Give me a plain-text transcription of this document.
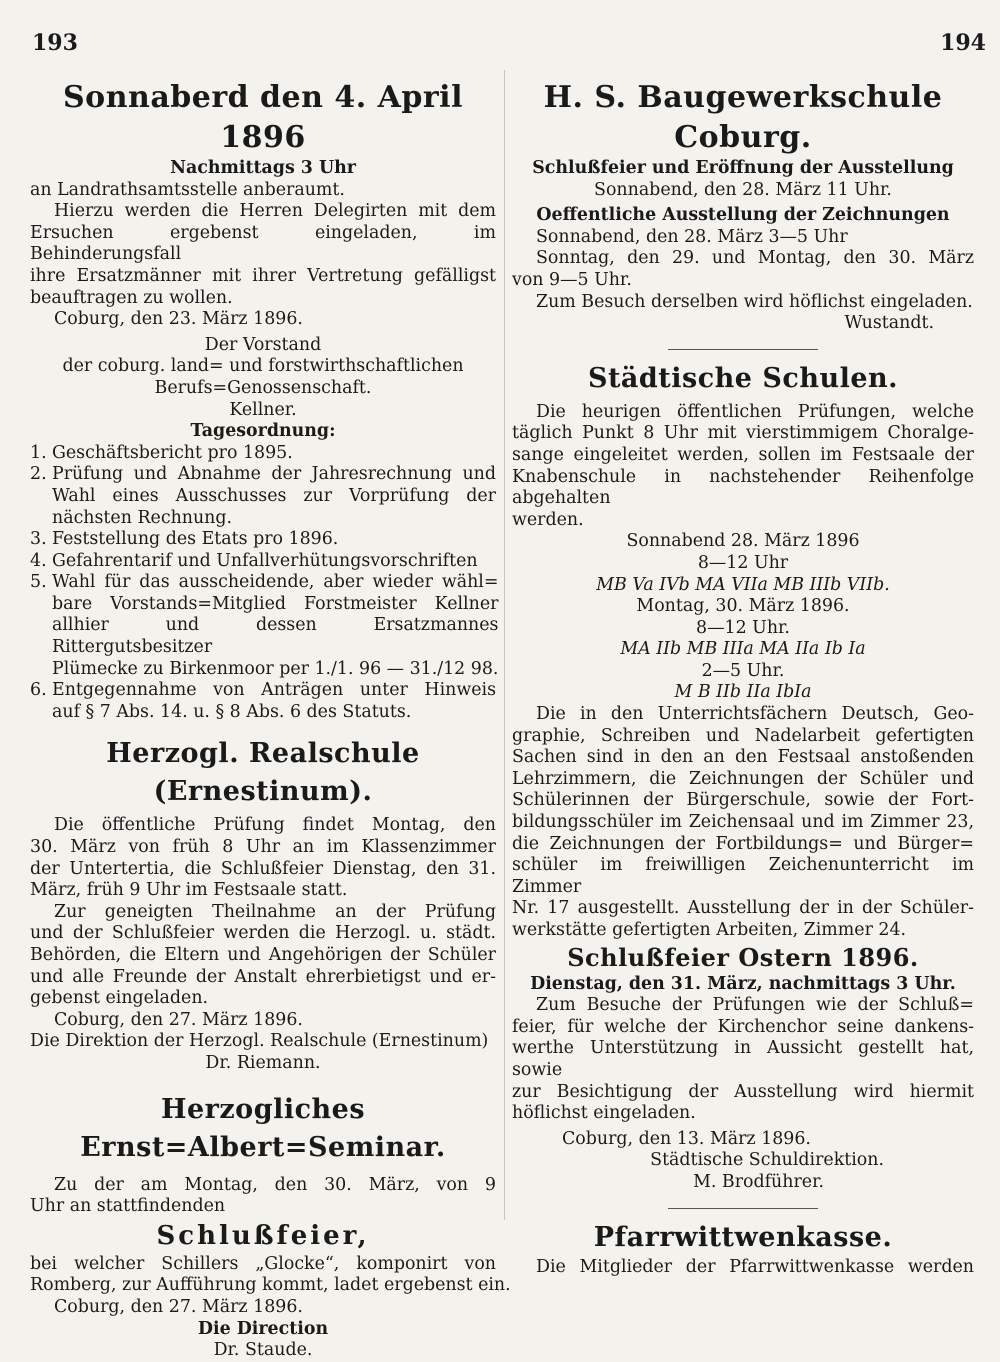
193	194
Sonnaberd den 4. April 1896
Nachmittags 3 Uhr
an Landrathsamtsstelle anberaumt.
Hierzu werden die Herren Delegirten mit dem
Ersuchen ergebenst eingeladen, im Behinderungsfall
ihre Ersatzmänner mit ihrer Vertretung gefälligst
beauftragen zu wollen.
Coburg, den 23. März 1896.
Der Vorstand
der coburg. land= und forstwirthschaftlichen
Berufs=Genossenschaft.
Kellner.
Tagesordnung:
1. Geschäftsbericht pro 1895.
2. Prüfung und Abnahme der Jahresrechnung und
Wahl eines Ausschusses zur Vorprüfung der
nächsten Rechnung.
3. Feststellung des Etats pro 1896.
4. Gefahrentarif und Unfallverhütungsvorschriften
5. Wahl für das ausscheidende, aber wieder wähl=
bare Vorstands=Mitglied Forstmeister Kellner
allhier und dessen Ersatzmannes Rittergutsbesitzer
Plümecke zu Birkenmoor per 1./1. 96 — 31./12 98.
6. Entgegennahme von Anträgen unter Hinweis
auf § 7 Abs. 14. u. § 8 Abs. 6 des Statuts.
Herzogl. Realschule (Ernestinum).
Die öffentliche Prüfung findet Montag, den
30. März von früh 8 Uhr an im Klassenzimmer
der Untertertia, die Schlußfeier Dienstag, den 31.
März, früh 9 Uhr im Festsaale statt.
Zur geneigten Theilnahme an der Prüfung
und der Schlußfeier werden die Herzogl. u. städt.
Behörden, die Eltern und Angehörigen der Schüler
und alle Freunde der Anstalt ehrerbietigst und er-
gebenst eingeladen.
Coburg, den 27. März 1896.
Die Direktion der Herzogl. Realschule (Ernestinum)
Dr. Riemann.
Herzogliches Ernst=Albert=Seminar.
Zu der am Montag, den 30. März, von 9
Uhr an stattfindenden
Schlußfeier,
bei welcher Schillers „Glocke“, komponirt von
Romberg, zur Aufführung kommt, ladet ergebenst ein.
Coburg, den 27. März 1896.
Die Direction
Dr. Staude.
H. S. Baugewerkschule Coburg.
Schlußfeier und Eröffnung der Ausstellung
Sonnabend, den 28. März 11 Uhr.
Oeffentliche Ausstellung der Zeichnungen
Sonnabend, den 28. März 3—5 Uhr
Sonntag, den 29. und Montag, den 30. März
von 9—5 Uhr.
Zum Besuch derselben wird höflichst eingeladen.
Wustandt.
Städtische Schulen.
Die heurigen öffentlichen Prüfungen, welche
täglich Punkt 8 Uhr mit vierstimmigem Choralge-
sange eingeleitet werden, sollen im Festsaale der
Knabenschule in nachstehender Reihenfolge abgehalten
werden.
Sonnabend 28. März 1896
8—12 Uhr
MB Va IVb MA VIIa MB IIIb VIIb.
Montag, 30. März 1896.
8—12 Uhr.
MA IIb MB IIIa MA IIa Ib Ia
2—5 Uhr.
M B IIb IIa IbIa
Die in den Unterrichtsfächern Deutsch, Geo-
graphie, Schreiben und Nadelarbeit gefertigten
Sachen sind in den an den Festsaal anstoßenden
Lehrzimmern, die Zeichnungen der Schüler und
Schülerinnen der Bürgerschule, sowie der Fort-
bildungsschüler im Zeichensaal und im Zimmer 23,
die Zeichnungen der Fortbildungs= und Bürger=
schüler im freiwilligen Zeichenunterricht im Zimmer
Nr. 17 ausgestellt. Ausstellung der in der Schüler-
werkstätte gefertigten Arbeiten, Zimmer 24.
Schlußfeier Ostern 1896.
Dienstag, den 31. März, nachmittags 3 Uhr.
Zum Besuche der Prüfungen wie der Schluß=
feier, für welche der Kirchenchor seine dankens-
werthe Unterstützung in Aussicht gestellt hat, sowie
zur Besichtigung der Ausstellung wird hiermit
höflichst eingeladen.
Coburg, den 13. März 1896.
Städtische Schuldirektion.
M. Brodführer.
Pfarrwittwenkasse.
Die Mitglieder der Pfarrwittwenkasse werden
